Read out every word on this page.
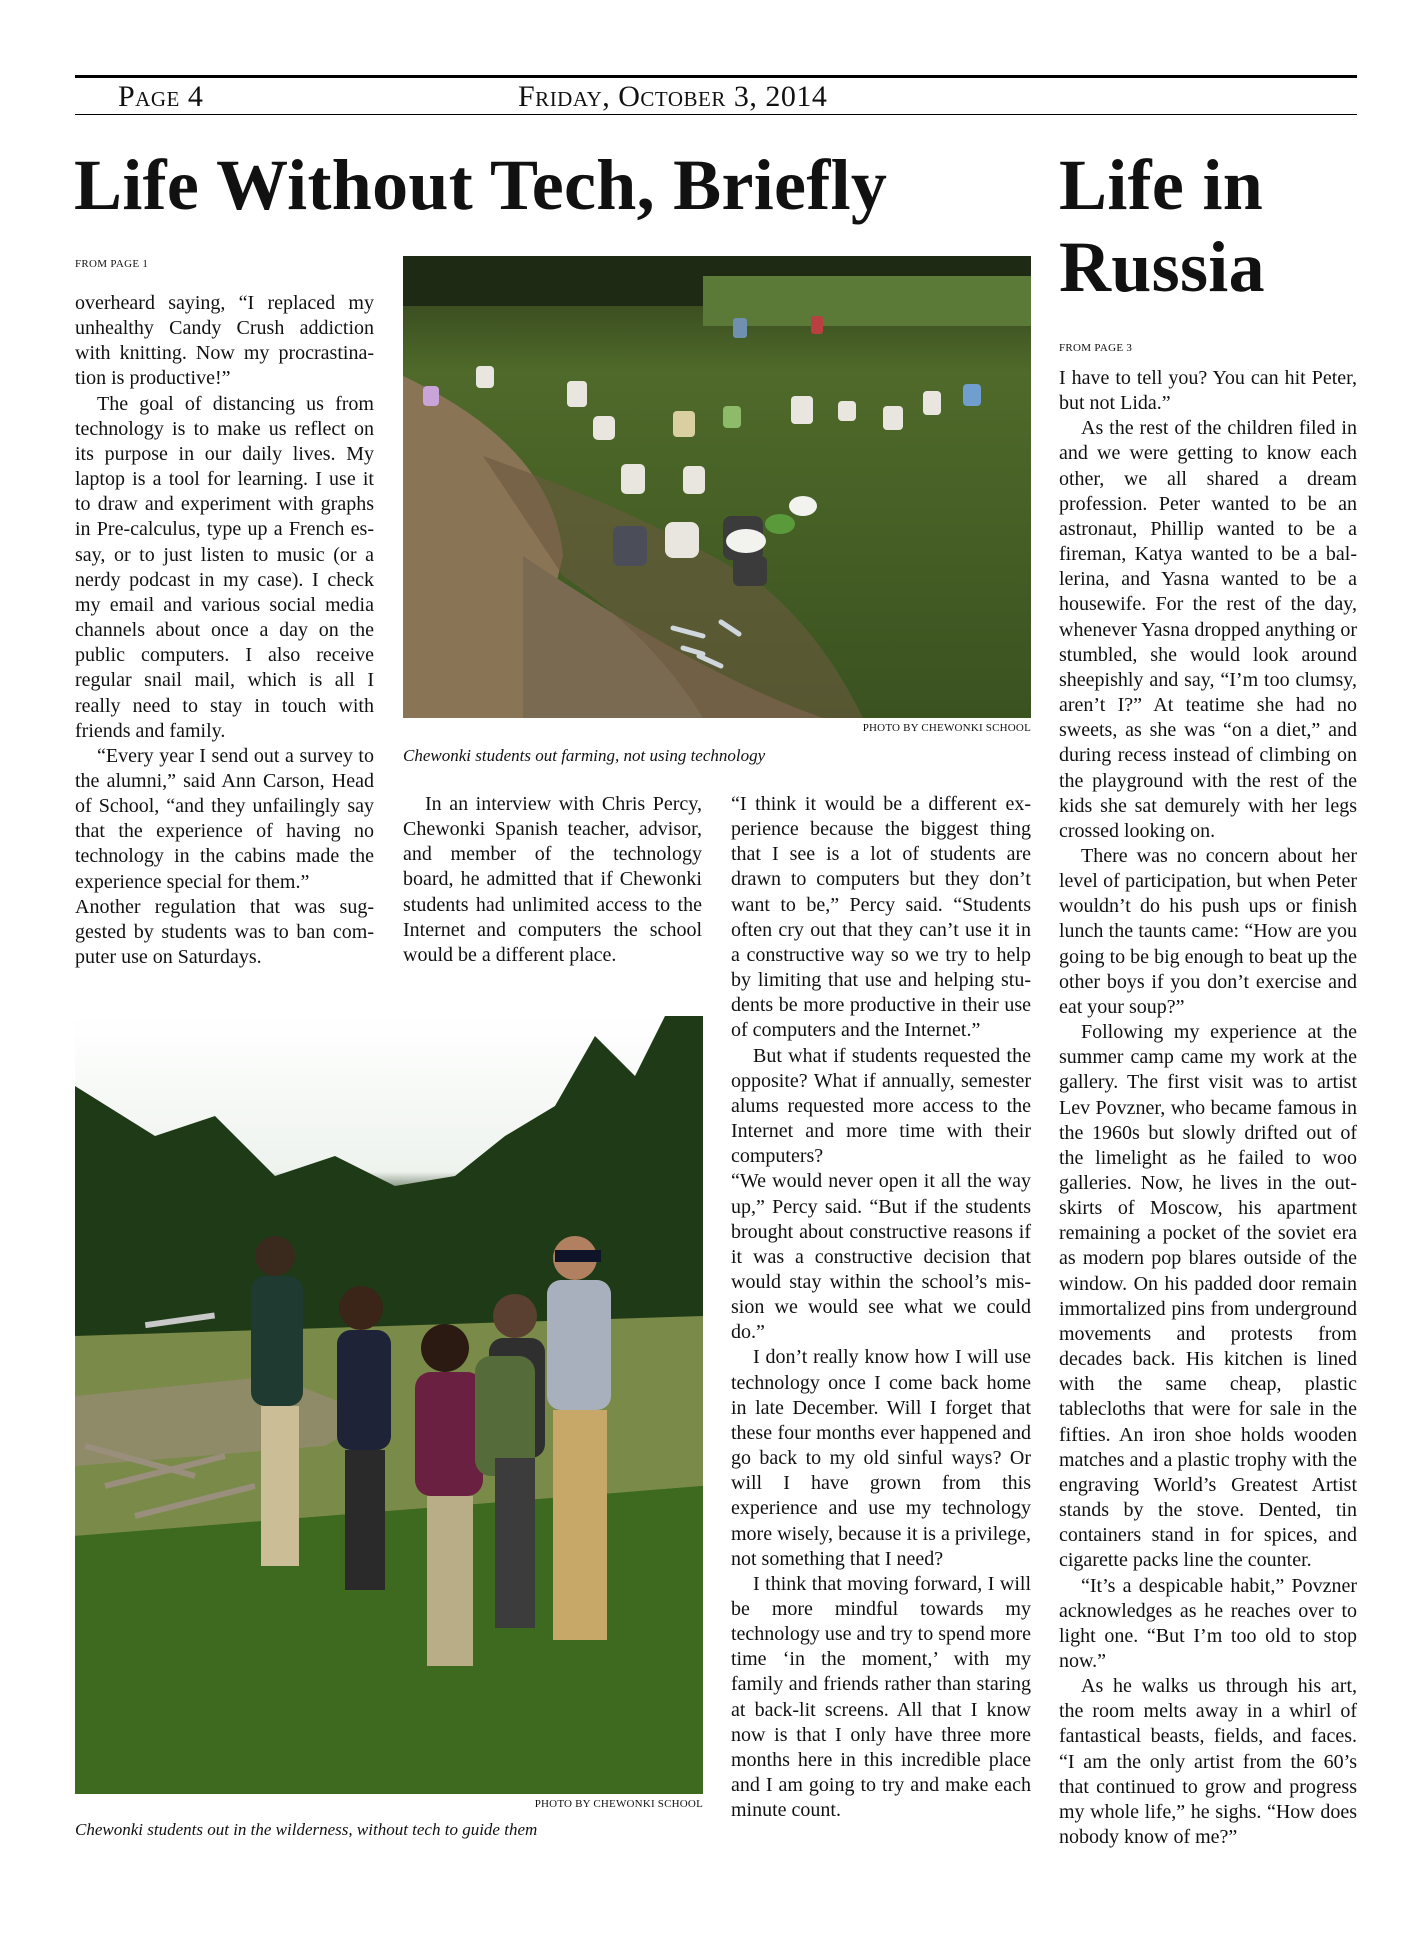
Page 4	Friday, October 3, 2014
Life Without Tech, Briefly
FROM PAGE 1

overheard saying, “I replaced my unhealthy Candy Crush addiction with knitting. Now my procrastination is productive!”

The goal of distancing us from technology is to make us reflect on its purpose in our daily lives. My laptop is a tool for learning. I use it to draw and experiment with graphs in Pre-calculus, type up a French essay, or to just listen to music (or a nerdy podcast in my case). I check my email and various social media channels about once a day on the public computers. I also receive regular snail mail, which is all I really need to stay in touch with friends and family.

“Every year I send out a survey to the alumni,” said Ann Carson, Head of School, “and they unfailingly say that the experience of having no technology in the cabins made the experience special for them.”

Another regulation that was suggested by students was to ban computer use on Saturdays.

PHOTO BY CHEWONKI SCHOOL
Chewonki students out farming, not using technology

In an interview with Chris Percy, Chewonki Spanish teacher, advisor, and member of the technology board, he admitted that if Chewonki students had unlimited access to the Internet and computers the school would be a different place.

“I think it would be a different experience because the biggest thing that I see is a lot of students are drawn to computers but they don’t want to be,” Percy said. “Students often cry out that they can’t use it in a constructive way so we try to help by limiting that use and helping students be more productive in their use of computers and the Internet.”

But what if students requested the opposite? What if annually, semester alums requested more access to the Internet and more time with their computers?

“We would never open it all the way up,” Percy said. “But if the students brought about constructive reasons if it was a constructive decision that would stay within the school’s mission we would see what we could do.”

I don’t really know how I will use technology once I come back home in late December. Will I forget that these four months ever happened and go back to my old sinful ways? Or will I have grown from this experience and use my technology more wisely, because it is a privilege, not something that I need?

I think that moving forward, I will be more mindful towards my technology use and try to spend more time ‘in the moment,’ with my family and friends rather than staring at back-lit screens. All that I know now is that I only have three more months here in this incredible place and I am going to try and make each minute count.

PHOTO BY CHEWONKI SCHOOL
Chewonki students out in the wilderness, without tech to guide them
Life in
Russia
FROM PAGE 3

I have to tell you? You can hit Peter, but not Lida.”

As the rest of the children filed in and we were getting to know each other, we all shared a dream profession. Peter wanted to be an astronaut, Phillip wanted to be a fireman, Katya wanted to be a ballerina, and Yasna wanted to be a housewife. For the rest of the day, whenever Yasna dropped anything or stumbled, she would look around sheepishly and say, “I’m too clumsy, aren’t I?” At teatime she had no sweets, as she was “on a diet,” and during recess instead of climbing on the playground with the rest of the kids she sat demurely with her legs crossed looking on.

There was no concern about her level of participation, but when Peter wouldn’t do his push ups or finish lunch the taunts came: “How are you going to be big enough to beat up the other boys if you don’t exercise and eat your soup?”

Following my experience at the summer camp came my work at the gallery. The first visit was to artist Lev Povzner, who became famous in the 1960s but slowly drifted out of the limelight as he failed to woo galleries. Now, he lives in the outskirts of Moscow, his apartment remaining a pocket of the soviet era as modern pop blares outside of the window. On his padded door remain immortalized pins from underground movements and protests from decades back. His kitchen is lined with the same cheap, plastic tablecloths that were for sale in the fifties. An iron shoe holds wooden matches and a plastic trophy with the engraving World’s Greatest Artist stands by the stove. Dented, tin containers stand in for spices, and cigarette packs line the counter.

“It’s a despicable habit,” Povzner acknowledges as he reaches over to light one. “But I’m too old to stop now.”

As he walks us through his art, the room melts away in a whirl of fantastical beasts, fields, and faces. “I am the only artist from the 60’s that continued to grow and progress my whole life,” he sighs. “How does nobody know of me?”
